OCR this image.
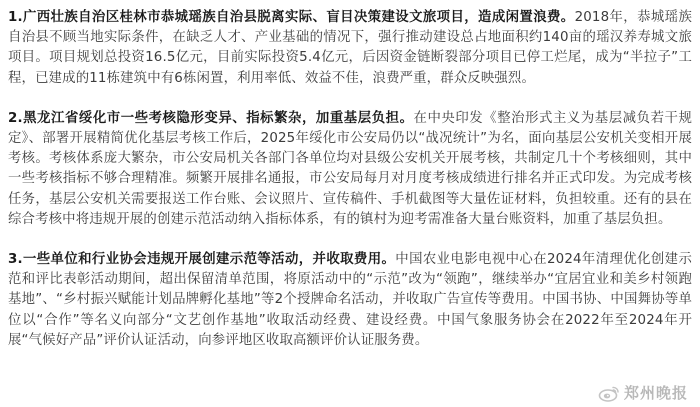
1.广西壮族自治区桂林市恭城瑶族自治县脱离实际、盲目决策建设文旅项目，造成闲置浪费。2018年，恭城瑶族自治县不顾当地实际条件，在缺乏人才、产业基础的情况下，强行推动建设总占地面积约140亩的瑶汉养寿城文旅项目。项目规划总投资16.5亿元，目前实际投资5.4亿元，后因资金链断裂部分项目已停工烂尾，成为“半拉子”工程，已建成的11栋建筑中有6栋闲置，利用率低、效益不佳，浪费严重，群众反映强烈。

2.黑龙江省绥化市一些考核隐形变异、指标繁杂，加重基层负担。在中央印发《整治形式主义为基层减负若干规定》、部署开展精简优化基层考核工作后，2025年绥化市公安局仍以“战况统计”为名，面向基层公安机关变相开展考核。考核体系庞大繁杂，市公安局机关各部门各单位均对县级公安机关开展考核，共制定几十个考核细则，其中一些考核指标不够合理精准。频繁开展排名通报，市公安局每月对月度考核成绩进行排名并正式印发。为完成考核任务，基层公安机关需要报送工作台账、会议照片、宣传稿件、手机截图等大量佐证材料，负担较重。还有的县在综合考核中将违规开展的创建示范活动纳入指标体系，有的镇村为迎考需准备大量台账资料，加重了基层负担。

3.一些单位和行业协会违规开展创建示范等活动，并收取费用。中国农业电影电视中心在2024年清理优化创建示范和评比表彰活动期间，超出保留清单范围，将原活动中的“示范”改为“领跑”，继续举办“宜居宜业和美乡村领跑基地”、“乡村振兴赋能计划品牌孵化基地”等2个授牌命名活动，并收取广告宣传等费用。中国书协、中国舞协等单位以“合作”等名义向部分“文艺创作基地”收取活动经费、建设经费。中国气象服务协会在2022年至2024年开展“气候好产品”评价认证活动，向参评地区收取高额评价认证服务费。

郑州晚报
